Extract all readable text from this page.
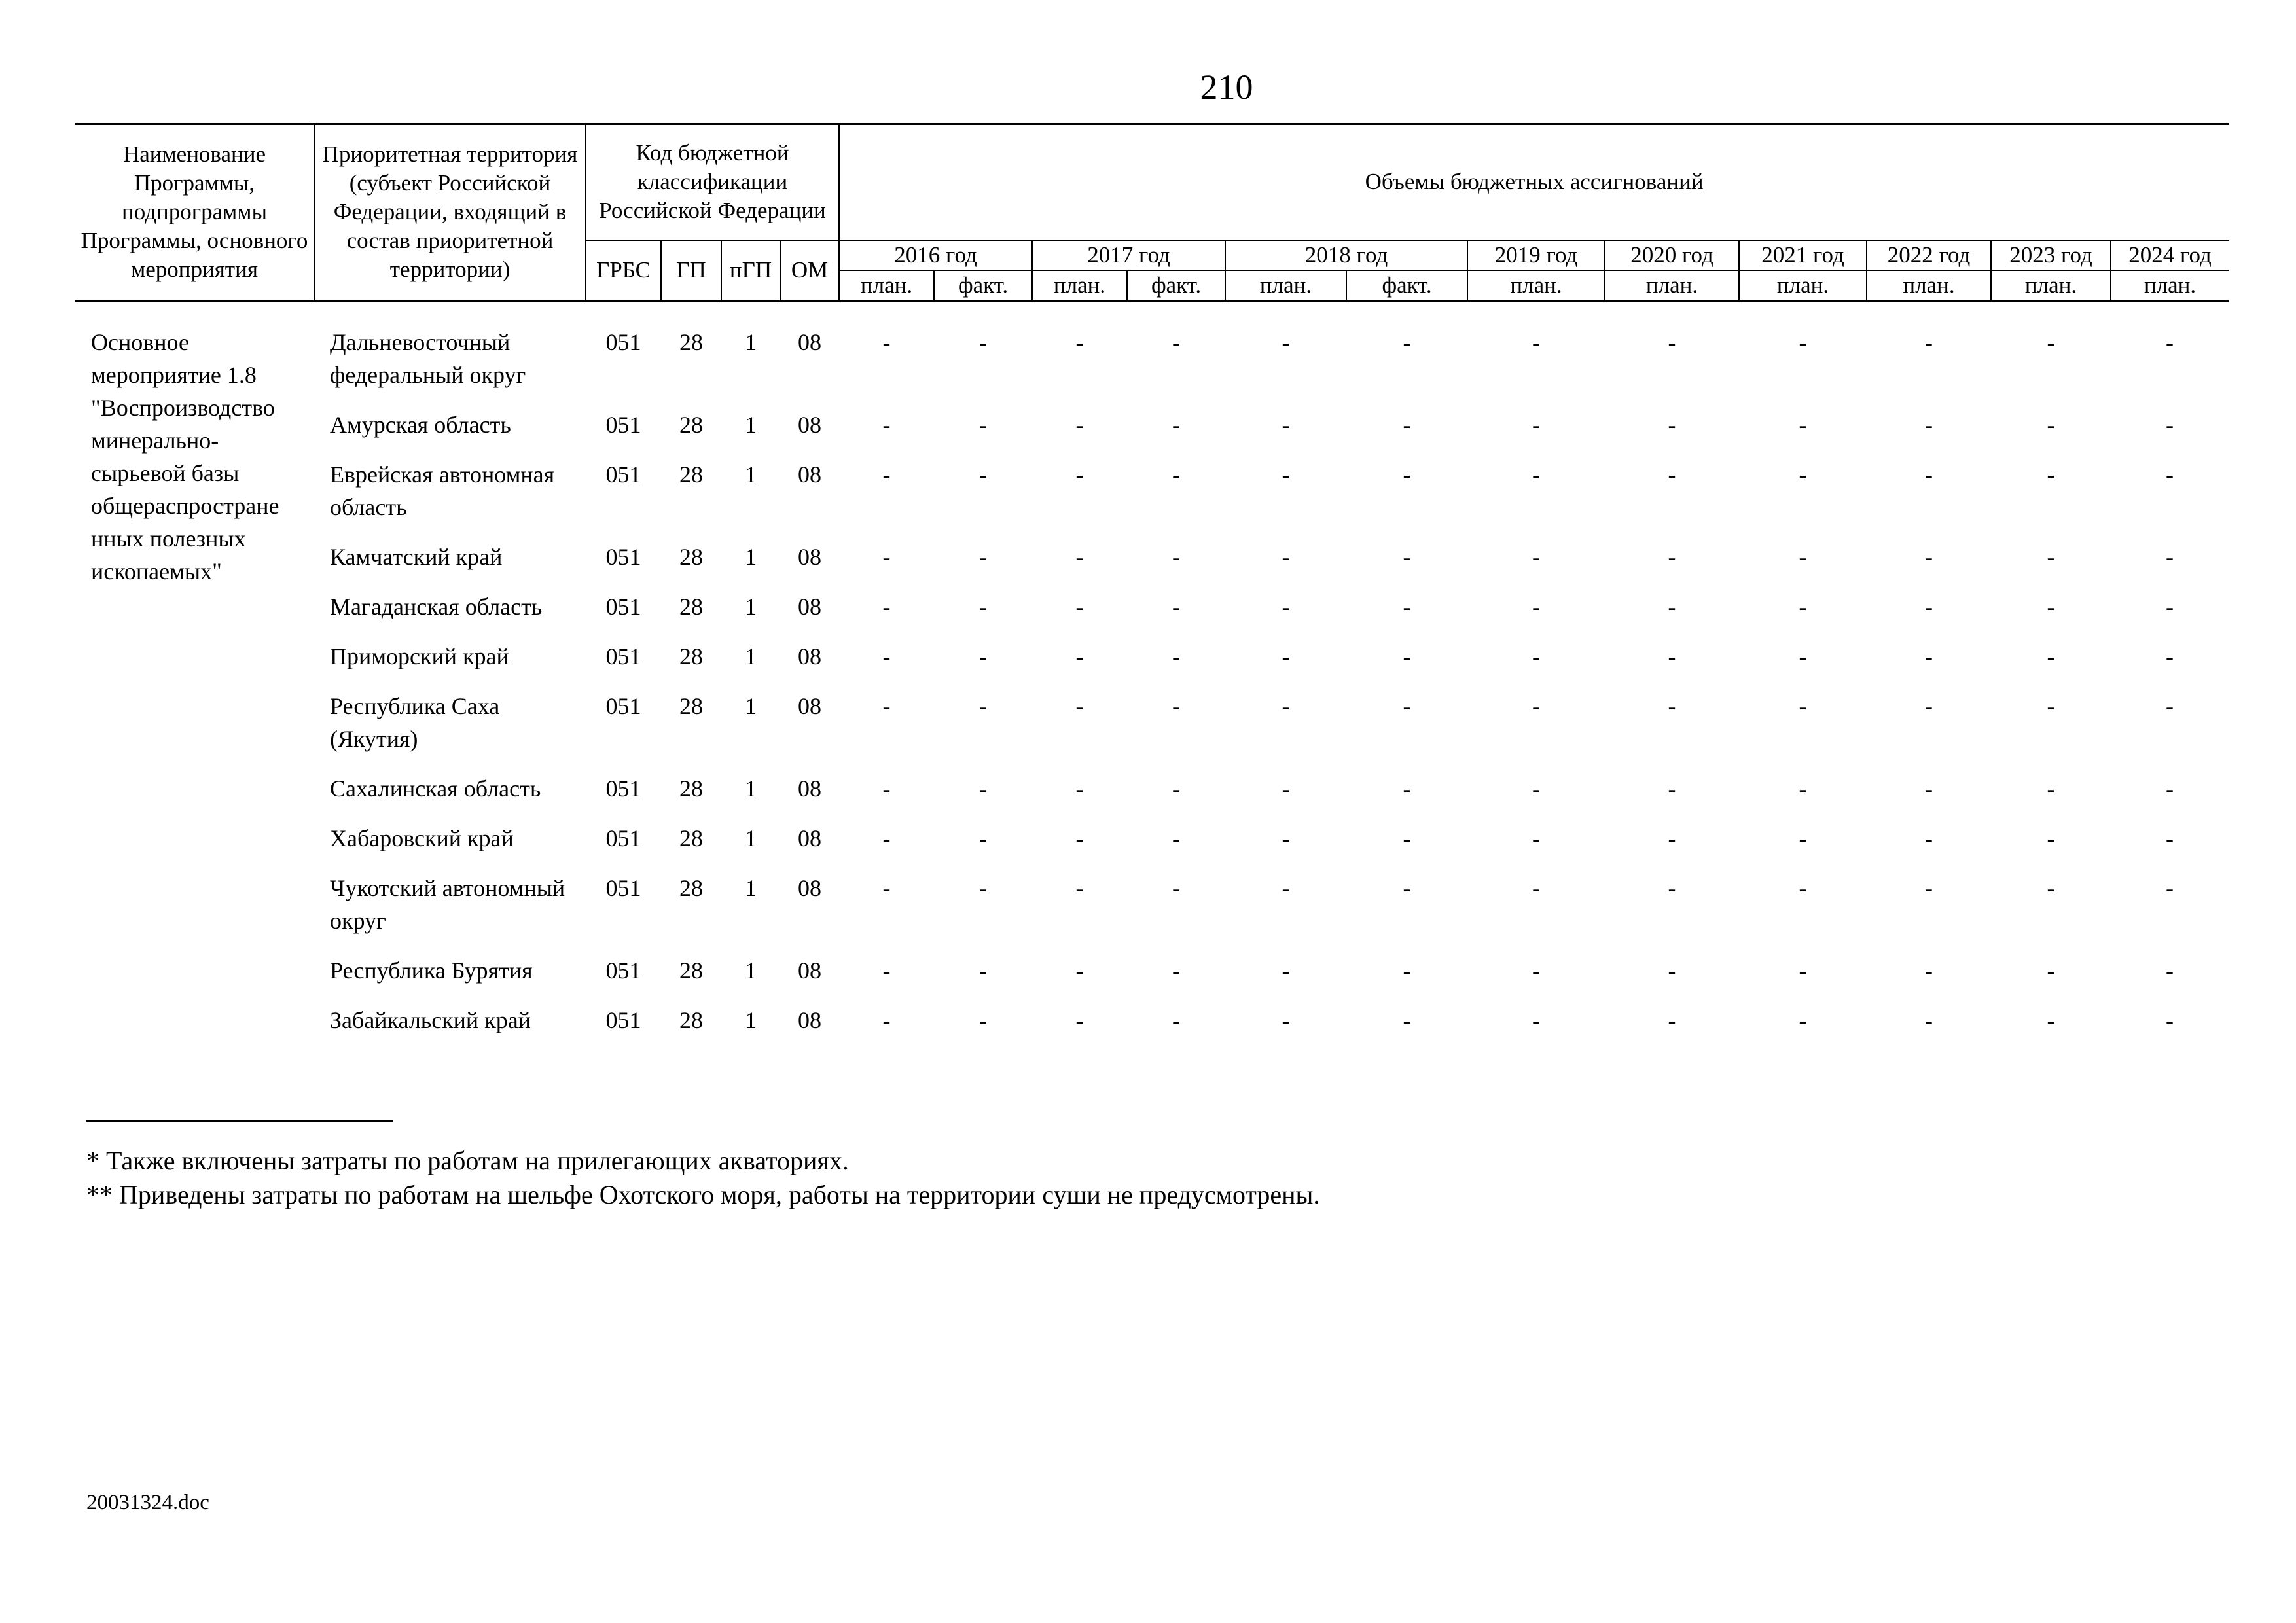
210
Наименование Программы, подпрограммы Программы, основного мероприятия	Приоритетная территория (субъект Российской Федерации, входящий в состав приоритетной территории)	Код бюджетной классификации Российской Федерации				Объемы бюджетных ассигнований											
		ГРБС	ГП	пГП	ОМ	2016 год		2017 год		2018 год		2019 год	2020 год	2021 год	2022 год	2023 год	2024 год
						план.	факт.	план.	факт.	план.	факт.	план.	план.	план.	план.	план.	план.
Основное мероприятие 1.8 "Воспроизводство минерально-сырьевой базы общераспростране нных полезных ископаемых"	Дальневосточный федеральный округ	051	28	1	08	-	-	-	-	-	-	-	-	-	-	-	-

	Амурская область	051	28	1	08	-	-	-	-	-	-	-	-	-	-	-	-

	Еврейская автономная область	051	28	1	08	-	-	-	-	-	-	-	-	-	-	-	-

	Камчатский край	051	28	1	08	-	-	-	-	-	-	-	-	-	-	-	-

	Магаданская область	051	28	1	08	-	-	-	-	-	-	-	-	-	-	-	-

	Приморский край	051	28	1	08	-	-	-	-	-	-	-	-	-	-	-	-

	Республика Саха (Якутия)	051	28	1	08	-	-	-	-	-	-	-	-	-	-	-	-

	Сахалинская область	051	28	1	08	-	-	-	-	-	-	-	-	-	-	-	-

	Хабаровский край	051	28	1	08	-	-	-	-	-	-	-	-	-	-	-	-

	Чукотский автономный округ	051	28	1	08	-	-	-	-	-	-	-	-	-	-	-	-

	Республика Бурятия	051	28	1	08	-	-	-	-	-	-	-	-	-	-	-	-

	Забайкальский край	051	28	1	08	-	-	-	-	-	-	-	-	-	-	-	-

* Также включены затраты по работам на прилегающих акваториях.
** Приведены затраты по работам на шельфе Охотского моря, работы на территории суши не предусмотрены.
20031324.doc
